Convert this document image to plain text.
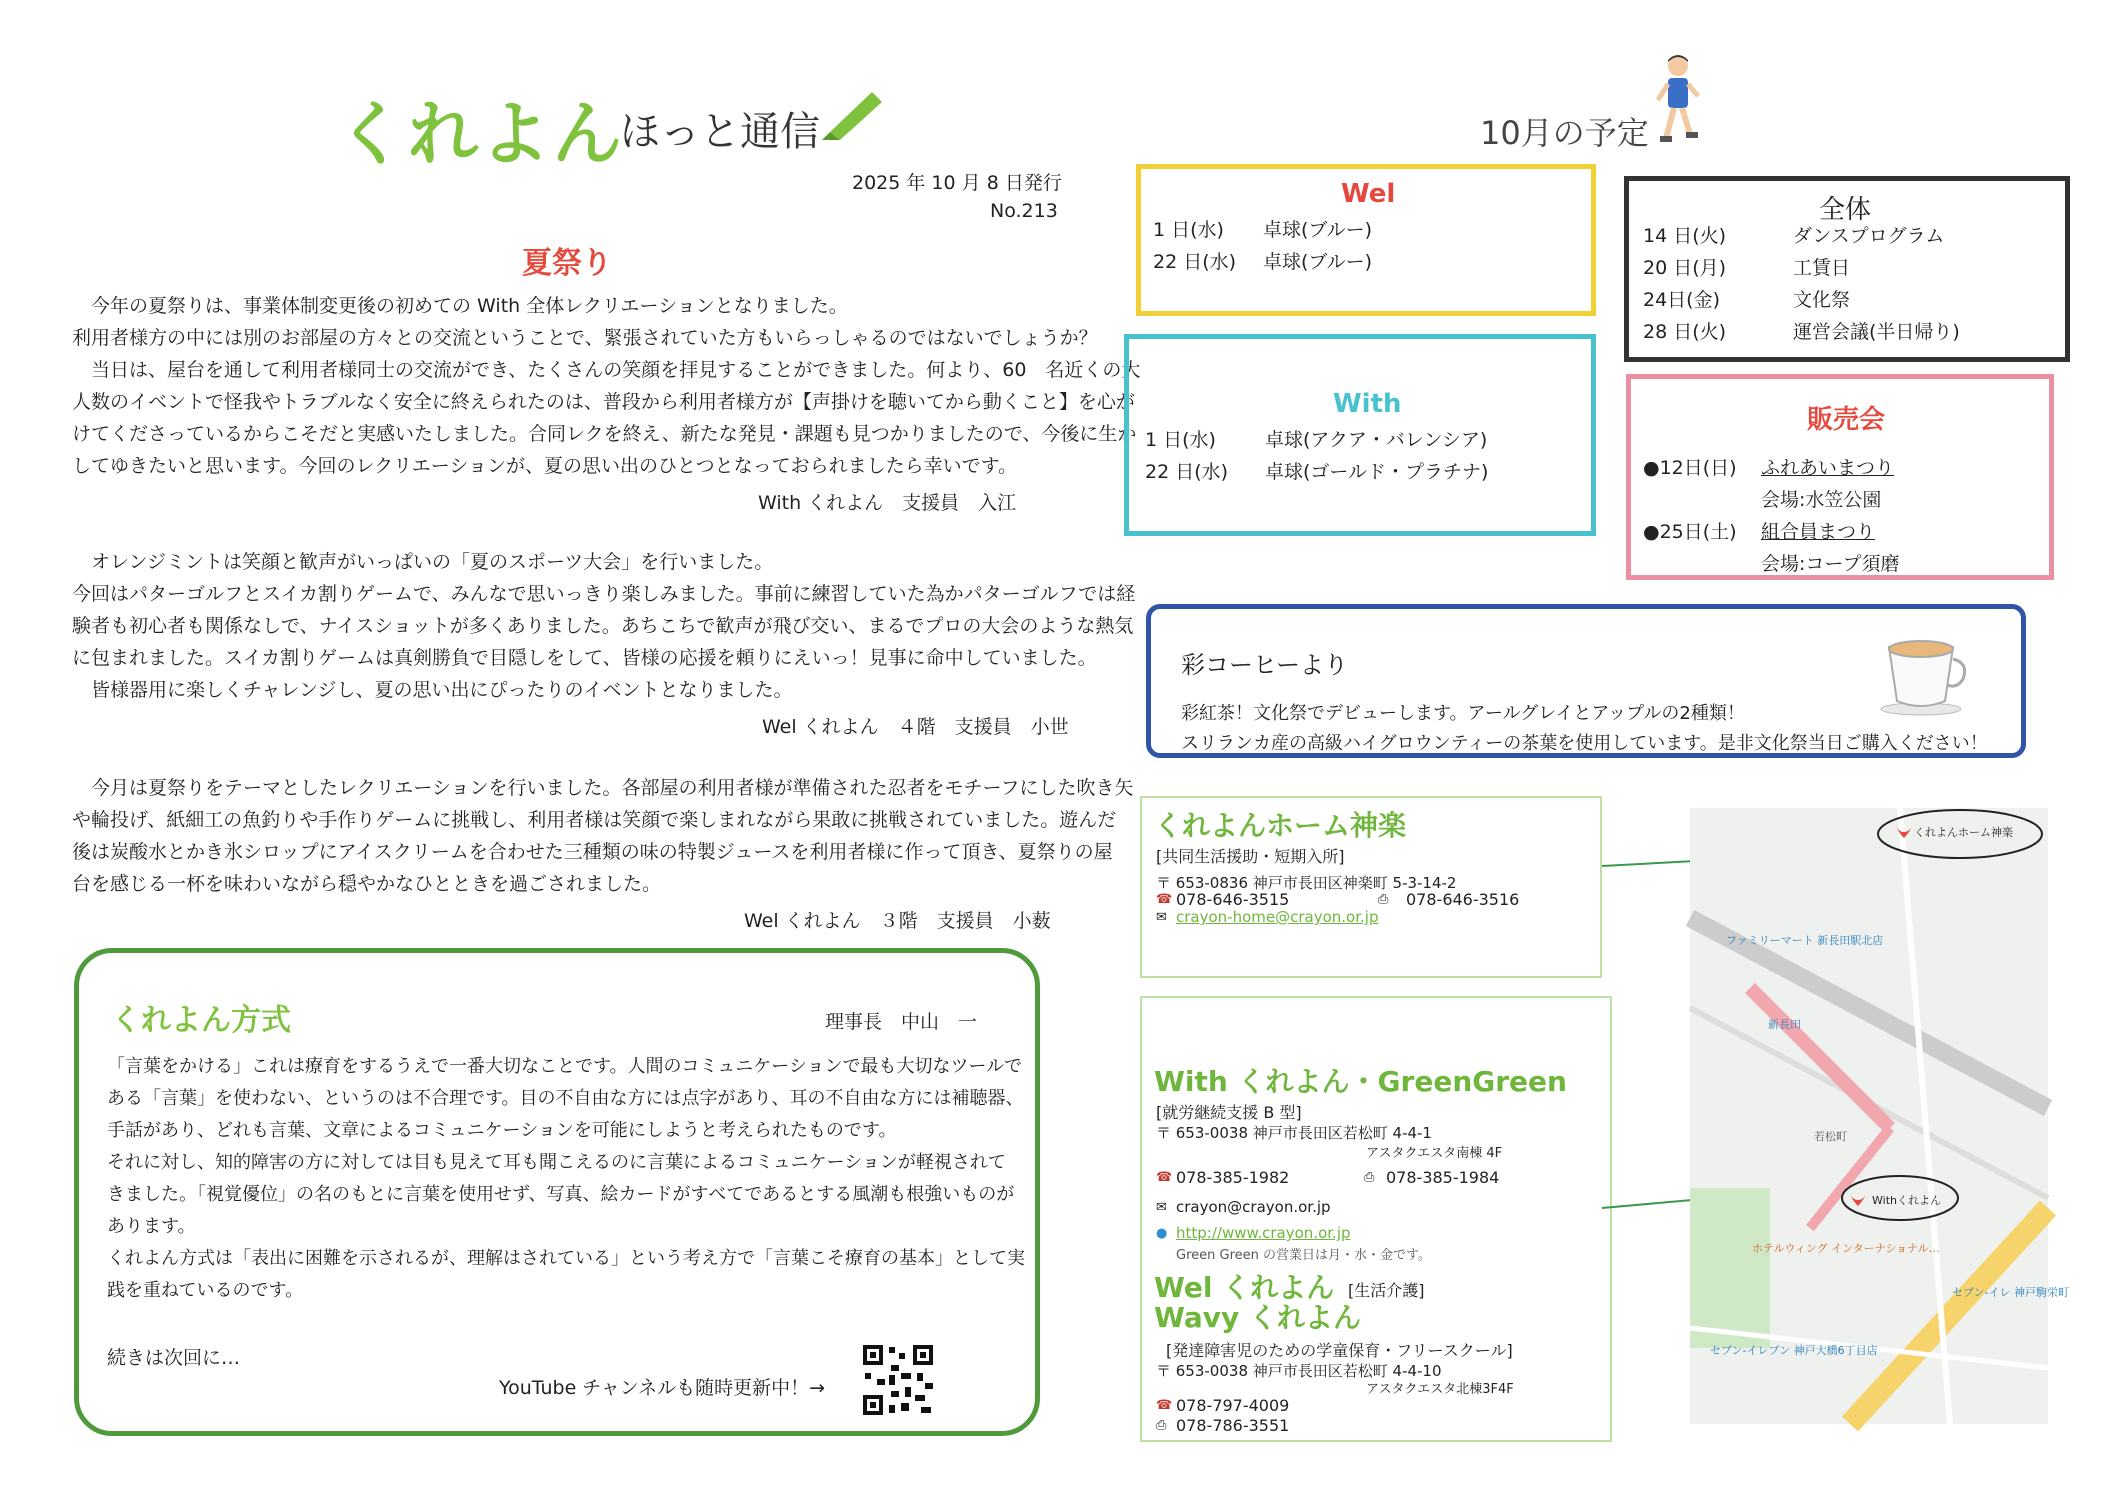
くれよん
ほっと通信
2025 年 10 月 8 日発行
No.213
夏祭り
　今年の夏祭りは、事業体制変更後の初めての With 全体レクリエーションとなりました。
利用者様方の中には別のお部屋の方々との交流ということで、緊張されていた方もいらっしゃるのではないでしょうか？
　当日は、屋台を通して利用者様同士の交流ができ、たくさんの笑顔を拝見することができました。何より、60　名近くの大
人数のイベントで怪我やトラブルなく安全に終えられたのは、普段から利用者様方が【声掛けを聴いてから動くこと】を心が
けてくださっているからこそだと実感いたしました。合同レクを終え、新たな発見・課題も見つかりましたので、今後に生か
してゆきたいと思います。今回のレクリエーションが、夏の思い出のひとつとなっておられましたら幸いです。
With くれよん　支援員　入江
　オレンジミントは笑顔と歓声がいっぱいの「夏のスポーツ大会」を行いました。
今回はパターゴルフとスイカ割りゲームで、みんなで思いっきり楽しみました。事前に練習していた為かパターゴルフでは経
験者も初心者も関係なしで、ナイスショットが多くありました。あちこちで歓声が飛び交い、まるでプロの大会のような熱気
に包まれました。スイカ割りゲームは真剣勝負で目隠しをして、皆様の応援を頼りにえいっ！見事に命中していました。
　皆様器用に楽しくチャレンジし、夏の思い出にぴったりのイベントとなりました。
Wel くれよん　４階　支援員　小世
　今月は夏祭りをテーマとしたレクリエーションを行いました。各部屋の利用者様が準備された忍者をモチーフにした吹き矢
や輪投げ、紙細工の魚釣りや手作りゲームに挑戦し、利用者様は笑顔で楽しまれながら果敢に挑戦されていました。遊んだ
後は炭酸水とかき氷シロップにアイスクリームを合わせた三種類の味の特製ジュースを利用者様に作って頂き、夏祭りの屋
台を感じる一杯を味わいながら穏やかなひとときを過ごされました。
Wel くれよん　３階　支援員　小薮
くれよん方式	理事長　中山　一

「言葉をかける」これは療育をするうえで一番大切なことです。人間のコミュニケーションで最も大切なツールで

ある「言葉」を使わない、というのは不合理です。目の不自由な方には点字があり、耳の不自由な方には補聴器、

手話があり、どれも言葉、文章によるコミュニケーションを可能にしようと考えられたものです。

それに対し、知的障害の方に対しては目も見えて耳も聞こえるのに言葉によるコミュニケーションが軽視されて

きました。「視覚優位」の名のもとに言葉を使用せず、写真、絵カードがすべてであるとする風潮も根強いものが

あります。

くれよん方式は「表出に困難を示されるが、理解はされている」という考え方で「言葉こそ療育の基本」として実

践を重ねているのです。

続きは次回に…
YouTube チャンネルも随時更新中！→
10月の予定
Wel
1 日(水) 卓球(ブルー)
22 日(水) 卓球(ブルー)
With
1 日(水)	卓球(アクア・バレンシア)
22 日(水) 卓球(ゴールド・プラチナ)
全体
14 日(火)	ダンスプログラム
20 日(月)	工賃日
24日(金)	文化祭
28 日(火)	運営会議(半日帰り)
販売会
●12日(日) ふれあいまつり
会場:水笠公園
●25日(土) 組合員まつり
会場:コープ須磨
彩コーヒーより
彩紅茶！文化祭でデビューします。アールグレイとアップルの2種類！
スリランカ産の高級ハイグロウンティーの茶葉を使用しています。是非文化祭当日ご購入ください！
くれよんホーム神楽
[共同生活援助・短期入所]
〒 653-0836 神戸市長田区神楽町 5-3-14-2
☎ 078-646-3515	⎙ 078-646-3516
✉ crayon-home@crayon.or.jp
With くれよん・GreenGreen
[就労継続支援 B 型]
〒 653-0038 神戸市長田区若松町 4-4-1
アスタクエスタ南棟 4F
☎ 078-385-1982	⎙ 078-385-1984
✉ crayon@crayon.or.jp
● http://www.crayon.or.jp
Green Green の営業日は月・水・金です。
Wel くれよん [生活介護]
Wavy くれよん
[発達障害児のための学童保育・フリースクール]
〒 653-0038 神戸市長田区若松町 4-4-10
アスタクエスタ北棟3F4F
☎ 078-797-4009
⎙ 078-786-3551
くれよんホーム神楽
Withくれよん
ファミリーマート 新長田駅北店
新長田
若松町
ホテルウィング インターナショナル…
セブン-イレブン 神戸大橋6丁目店
セブン-イレ 神戸駒栄町
